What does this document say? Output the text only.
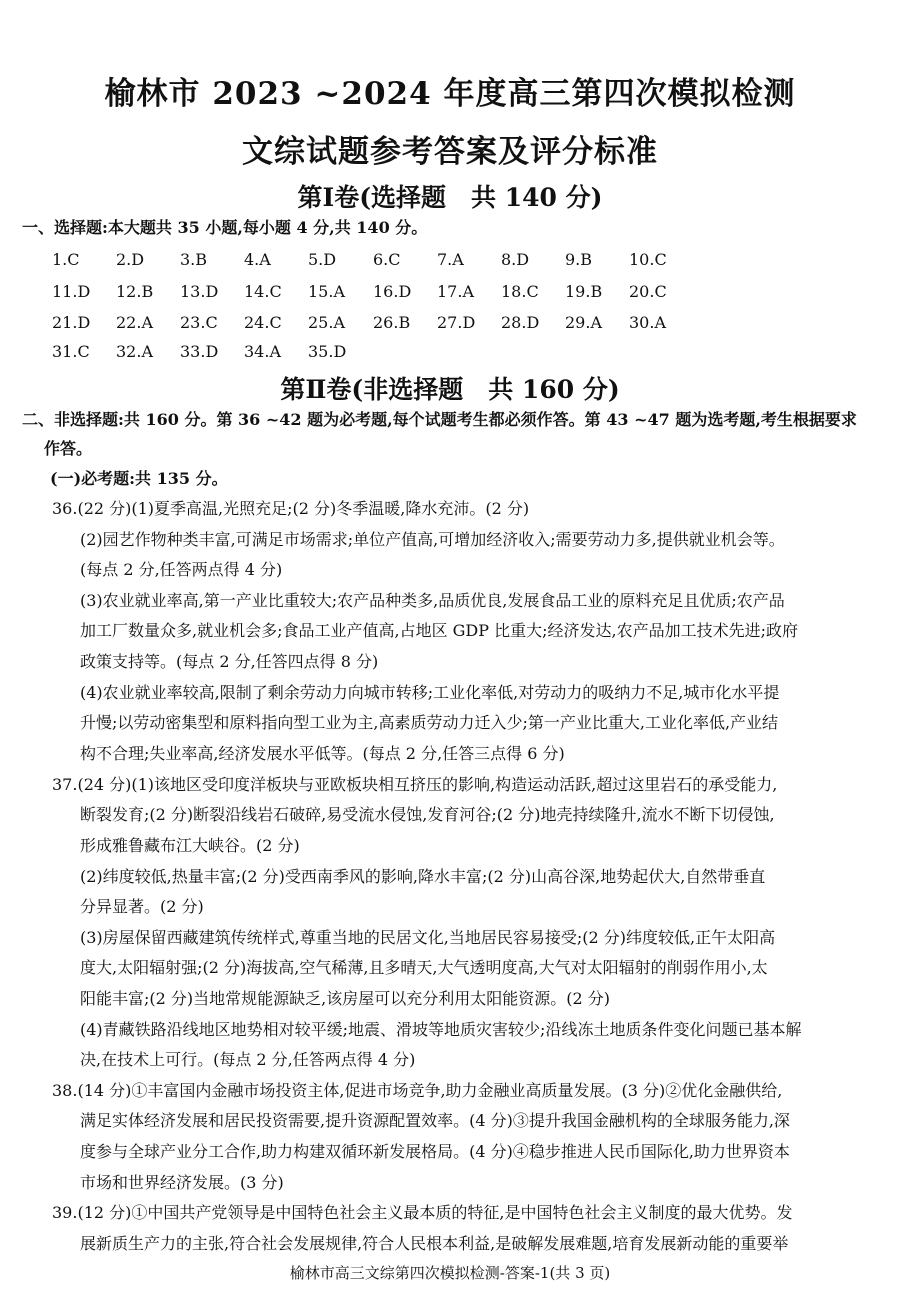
榆林市 2023 ~2024 年度高三第四次模拟检测
文综试题参考答案及评分标准
第Ⅰ卷(选择题　共 140 分)
一、选择题:本大题共 35 小题,每小题 4 分,共 140 分。
1.C	2.D	3.B	4.A	5.D	6.C	7.A	8.D	9.B	10.C
11.D	12.B	13.D	14.C	15.A	16.D	17.A	18.C	19.B	20.C
21.D	22.A	23.C	24.C	25.A	26.B	27.D	28.D	29.A	30.A
31.C	32.A	33.D	34.A	35.D
第Ⅱ卷(非选择题　共 160 分)
二、非选择题:共 160 分。第 36 ~42 题为必考题,每个试题考生都必须作答。第 43 ~47 题为选考题,考生根据要求
作答。
(一)必考题:共 135 分。
36.(22 分)(1)夏季高温,光照充足;(2 分)冬季温暖,降水充沛。(2 分)
(2)园艺作物种类丰富,可满足市场需求;单位产值高,可增加经济收入;需要劳动力多,提供就业机会等。
(每点 2 分,任答两点得 4 分)
(3)农业就业率高,第一产业比重较大;农产品种类多,品质优良,发展食品工业的原料充足且优质;农产品
加工厂数量众多,就业机会多;食品工业产值高,占地区 GDP 比重大;经济发达,农产品加工技术先进;政府
政策支持等。(每点 2 分,任答四点得 8 分)
(4)农业就业率较高,限制了剩余劳动力向城市转移;工业化率低,对劳动力的吸纳力不足,城市化水平提
升慢;以劳动密集型和原料指向型工业为主,高素质劳动力迁入少;第一产业比重大,工业化率低,产业结
构不合理;失业率高,经济发展水平低等。(每点 2 分,任答三点得 6 分)
37.(24 分)(1)该地区受印度洋板块与亚欧板块相互挤压的影响,构造运动活跃,超过这里岩石的承受能力,
断裂发育;(2 分)断裂沿线岩石破碎,易受流水侵蚀,发育河谷;(2 分)地壳持续隆升,流水不断下切侵蚀,
形成雅鲁藏布江大峡谷。(2 分)
(2)纬度较低,热量丰富;(2 分)受西南季风的影响,降水丰富;(2 分)山高谷深,地势起伏大,自然带垂直
分异显著。(2 分)
(3)房屋保留西藏建筑传统样式,尊重当地的民居文化,当地居民容易接受;(2 分)纬度较低,正午太阳高
度大,太阳辐射强;(2 分)海拔高,空气稀薄,且多晴天,大气透明度高,大气对太阳辐射的削弱作用小,太
阳能丰富;(2 分)当地常规能源缺乏,该房屋可以充分利用太阳能资源。(2 分)
(4)青藏铁路沿线地区地势相对较平缓;地震、滑坡等地质灾害较少;沿线冻土地质条件变化问题已基本解
决,在技术上可行。(每点 2 分,任答两点得 4 分)
38.(14 分)①丰富国内金融市场投资主体,促进市场竞争,助力金融业高质量发展。(3 分)②优化金融供给,
满足实体经济发展和居民投资需要,提升资源配置效率。(4 分)③提升我国金融机构的全球服务能力,深
度参与全球产业分工合作,助力构建双循环新发展格局。(4 分)④稳步推进人民币国际化,助力世界资本
市场和世界经济发展。(3 分)
39.(12 分)①中国共产党领导是中国特色社会主义最本质的特征,是中国特色社会主义制度的最大优势。发
展新质生产力的主张,符合社会发展规律,符合人民根本利益,是破解发展难题,培育发展新动能的重要举
榆林市高三文综第四次模拟检测-答案-1(共 3 页)
